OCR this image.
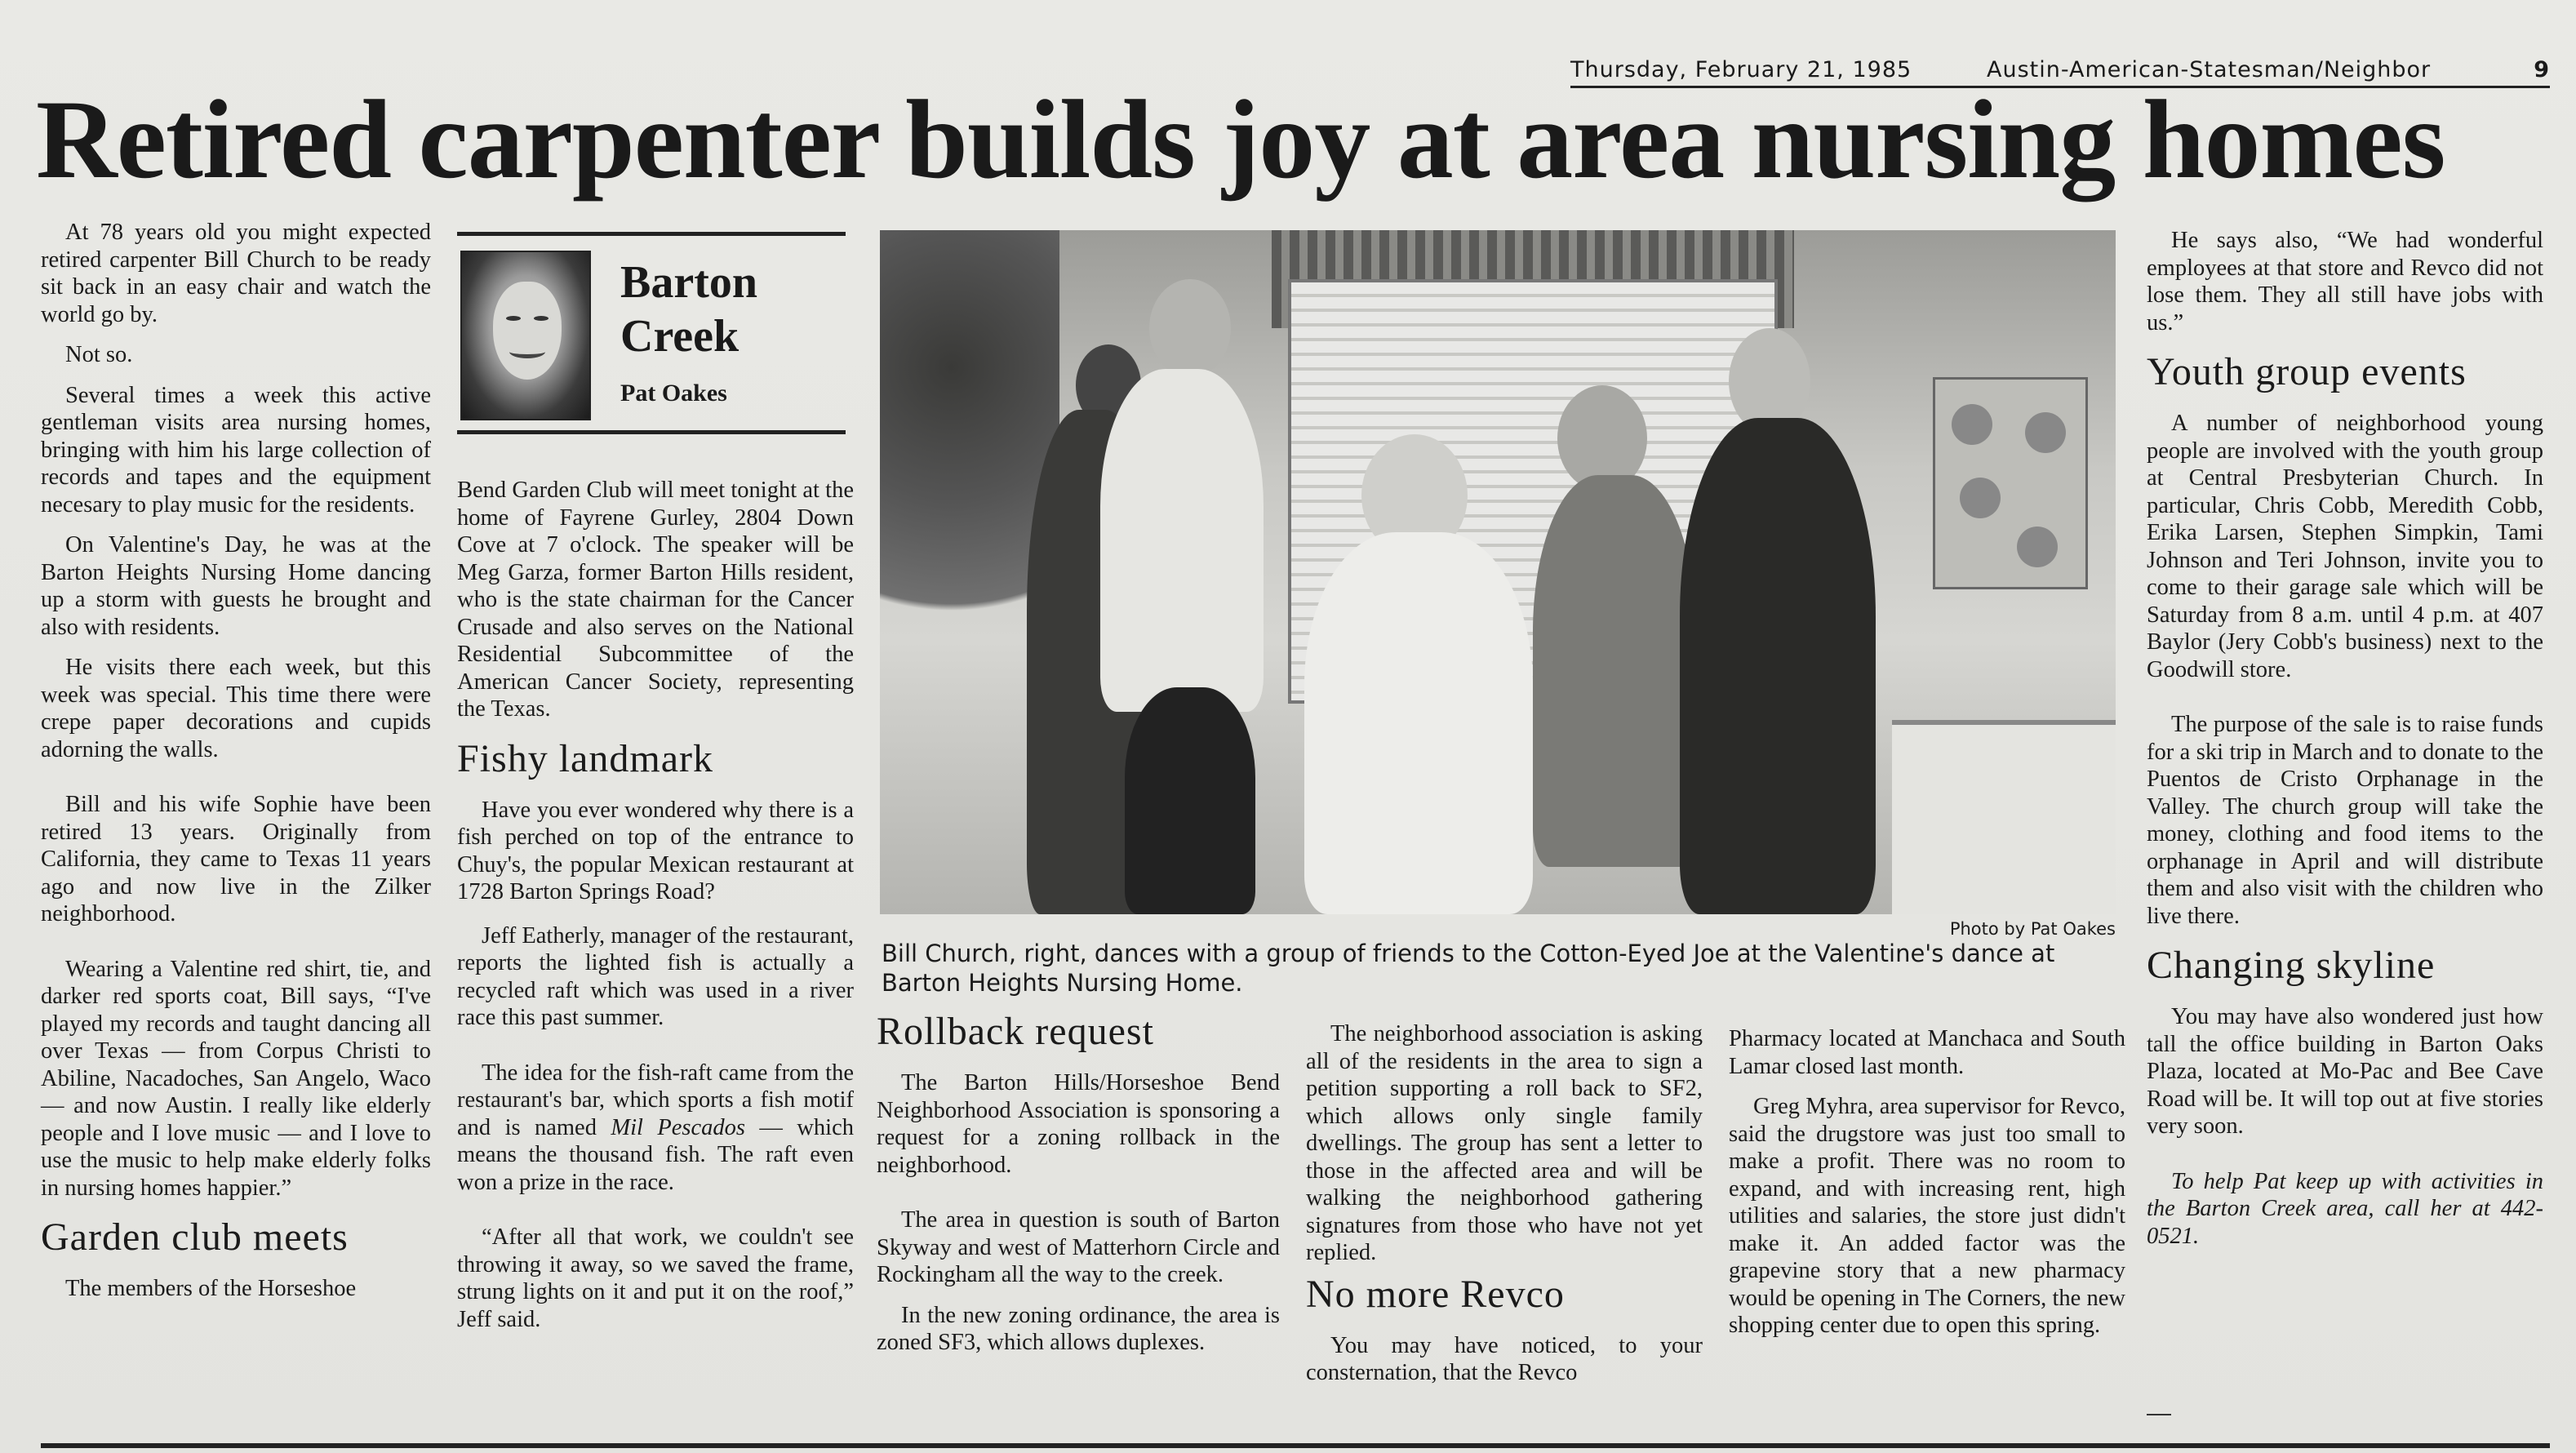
Thursday, February 21, 1985	Austin-American-Statesman/Neighbor	9
Retired carpenter builds joy at area nursing homes

At 78 years old you might expected retired carpenter Bill Church to be ready sit back in an easy chair and watch the world go by.

Not so.

Several times a week this active gentleman visits area nursing homes, bringing with him his large collection of records and tapes and the equipment necesary to play music for the residents.

On Valentine's Day, he was at the Barton Heights Nursing Home dancing up a storm with guests he brought and also with residents.

He visits there each week, but this week was special. This time there were crepe paper decorations and cupids adorning the walls.

Bill and his wife Sophie have been retired 13 years. Originally from California, they came to Texas 11 years ago and now live in the Zilker neighborhood.

Wearing a Valentine red shirt, tie, and darker red sports coat, Bill says, “I've played my records and taught dancing all over Texas — from Corpus Christi to Abiline, Nacadoches, San Angelo, Waco — and now Austin. I really like elderly people and I love music — and I love to use the music to help make elderly folks in nursing homes happier.”

Garden club meets

The members of the Horseshoe

Barton
Creek
Pat Oakes

Bend Garden Club will meet tonight at the home of Fayrene Gurley, 2804 Down Cove at 7 o'clock. The speaker will be Meg Garza, former Barton Hills resident, who is the state chairman for the Cancer Crusade and also serves on the National Residential Subcommittee of the American Cancer Society, representing the Texas.

Fishy landmark

Have you ever wondered why there is a fish perched on top of the entrance to Chuy's, the popular Mexican restaurant at 1728 Barton Springs Road?

Jeff Eatherly, manager of the restaurant, reports the lighted fish is actually a recycled raft which was used in a river race this past summer.

The idea for the fish-raft came from the restaurant's bar, which sports a fish motif and is named Mil Pescados — which means the thousand fish. The raft even won a prize in the race.

“After all that work, we couldn't see throwing it away, so we saved the frame, strung lights on it and put it on the roof,” Jeff said.

Photo by Pat Oakes
Bill Church, right, dances with a group of friends to the Cotton-Eyed Joe at the Valentine's dance at Barton Heights Nursing Home.
Rollback request

The Barton Hills/Horseshoe Bend Neighborhood Association is sponsoring a request for a zoning rollback in the neighborhood.

The area in question is south of Barton Skyway and west of Matterhorn Circle and Rockingham all the way to the creek.

In the new zoning ordinance, the area is zoned SF3, which allows duplexes.

The neighborhood association is asking all of the residents in the area to sign a petition supporting a roll back to SF2, which allows only single family dwellings. The group has sent a letter to those in the affected area and will be walking the neighborhood gathering signatures from those who have not yet replied.

No more Revco

You may have noticed, to your consternation, that the Revco

Pharmacy located at Manchaca and South Lamar closed last month.

Greg Myhra, area supervisor for Revco, said the drugstore was just too small to make a profit. There was no room to expand, and with increasing rent, high utilities and salaries, the store just didn't make it. An added factor was the grapevine story that a new pharmacy would be opening in The Corners, the new shopping center due to open this spring.

He says also, “We had wonderful employees at that store and Revco did not lose them. They all still have jobs with us.”

Youth group events

A number of neighborhood young people are involved with the youth group at Central Presbyterian Church. In particular, Chris Cobb, Meredith Cobb, Erika Larsen, Stephen Simpkin, Tami Johnson and Teri Johnson, invite you to come to their garage sale which will be Saturday from 8 a.m. until 4 p.m. at 407 Baylor (Jery Cobb's business) next to the Goodwill store.

The purpose of the sale is to raise funds for a ski trip in March and to donate to the Puentos de Cristo Orphanage in the Valley. The church group will take the money, clothing and food items to the orphanage in April and will distribute them and also visit with the children who live there.

Changing skyline

You may have also wondered just how tall the office building in Barton Oaks Plaza, located at Mo-Pac and Bee Cave Road will be. It will top out at five stories very soon.

To help Pat keep up with activities in the Barton Creek area, call her at 442-0521.
